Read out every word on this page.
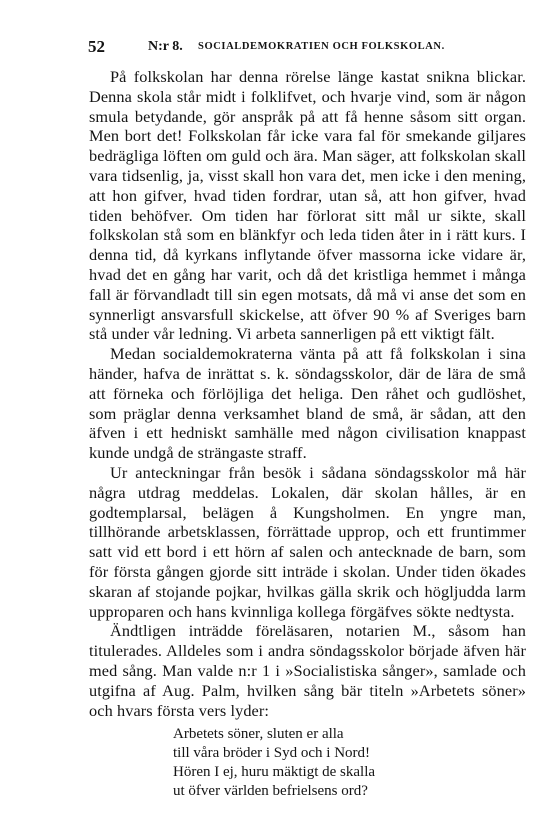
52	N:r 8. SOCIALDEMOKRATIEN OCH FOLKSKOLAN.

På folkskolan har denna rörelse länge kastat snikna blickar. Denna skola står midt i folklifvet, och hvarje vind, som är någon smula betydande, gör anspråk på att få henne såsom sitt organ. Men bort det! Folkskolan får icke vara fal för smekande giljares bedrägliga löften om guld och ära. Man säger, att folkskolan skall vara tidsenlig, ja, visst skall hon vara det, men icke i den mening, att hon gifver, hvad tiden fordrar, utan så, att hon gifver, hvad tiden behöfver. Om tiden har förlorat sitt mål ur sikte, skall folkskolan stå som en blänkfyr och leda tiden åter in i rätt kurs. I denna tid, då kyrkans inflytande öfver massorna icke vidare är, hvad det en gång har varit, och då det kristliga hemmet i många fall är förvandladt till sin egen motsats, då må vi anse det som en synnerligt ansvarsfull skickelse, att öfver 90 % af Sveriges barn stå under vår ledning. Vi arbeta sannerligen på ett viktigt fält.

Medan socialdemokraterna vänta på att få folkskolan i sina händer, hafva de inrättat s. k. söndagsskolor, där de lära de små att förneka och förlöjliga det heliga. Den råhet och gudlöshet, som präglar denna verksamhet bland de små, är sådan, att den äfven i ett hedniskt samhälle med någon civilisation knappast kunde undgå de strängaste straff.

Ur anteckningar från besök i sådana söndagsskolor må här några utdrag meddelas. Lokalen, där skolan hålles, är en godtemplarsal, belägen å Kungsholmen. En yngre man, tillhörande arbetsklassen, förrättade upprop, och ett fruntimmer satt vid ett bord i ett hörn af salen och antecknade de barn, som för första gången gjorde sitt inträde i skolan. Under tiden ökades skaran af stojande pojkar, hvilkas gälla skrik och högljudda larm upproparen och hans kvinnliga kollega förgäfves sökte nedtysta.

Ändtligen inträdde föreläsaren, notarien M., såsom han titulerades. Alldeles som i andra söndagsskolor började äfven här med sång. Man valde n:r 1 i »Socialistiska sånger», samlade och utgifna af Aug. Palm, hvilken sång bär titeln »Arbetets söner» och hvars första vers lyder:

Arbetets söner, sluten er alla
till våra bröder i Syd och i Nord!
Hören I ej, huru mäktigt de skalla
ut öfver världen befrielsens ord?
